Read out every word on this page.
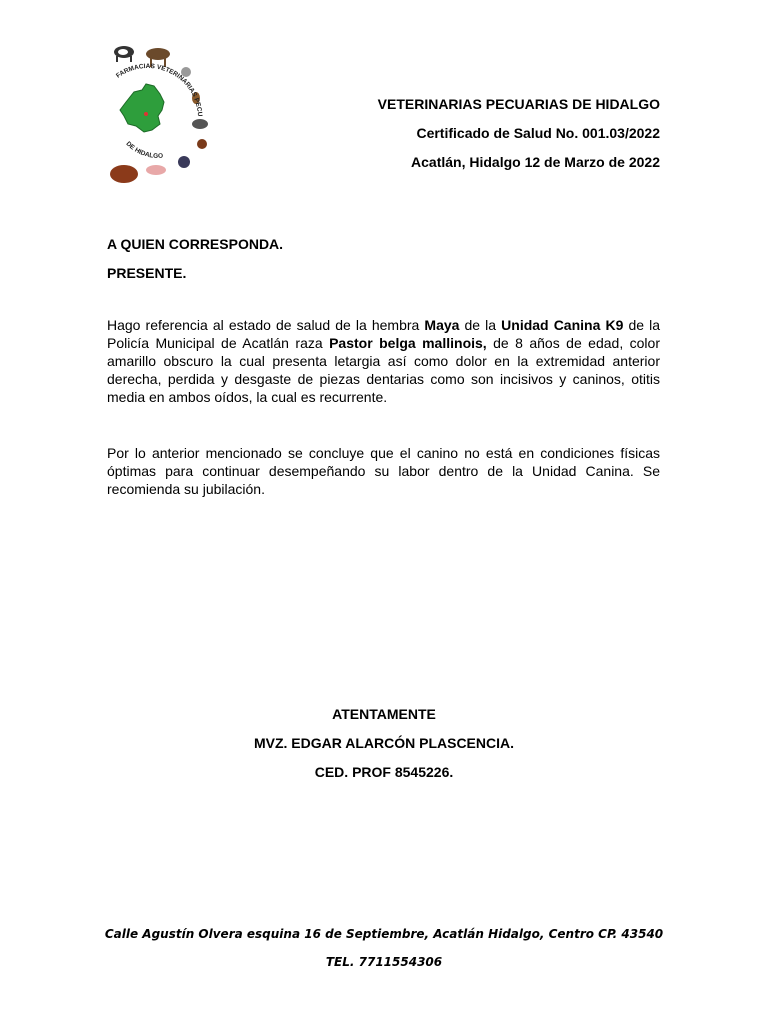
FARMACIAS VETERINARIAS PECU
DE HIDALGO
VETERINARIAS PECUARIAS DE HIDALGO
Certificado de Salud No. 001.03/2022
Acatlán, Hidalgo 12 de Marzo de 2022
A QUIEN CORRESPONDA.
PRESENTE.
Hago referencia al estado de salud de la hembra Maya de la Unidad Canina K9 de la Policía Municipal de Acatlán raza Pastor belga mallinois, de 8 años de edad, color amarillo obscuro la cual presenta letargia así como dolor en la extremidad anterior derecha, perdida y desgaste de piezas dentarias como son incisivos y caninos, otitis media en ambos oídos, la cual es recurrente.
Por lo anterior mencionado se concluye que el canino no está en condiciones físicas óptimas para continuar desempeñando su labor dentro de la Unidad Canina. Se recomienda su jubilación.
ATENTAMENTE
MVZ. EDGAR ALARCÓN PLASCENCIA.
CED. PROF 8545226.
Calle Agustín Olvera esquina 16 de Septiembre, Acatlán Hidalgo, Centro CP. 43540
TEL. 7711554306
